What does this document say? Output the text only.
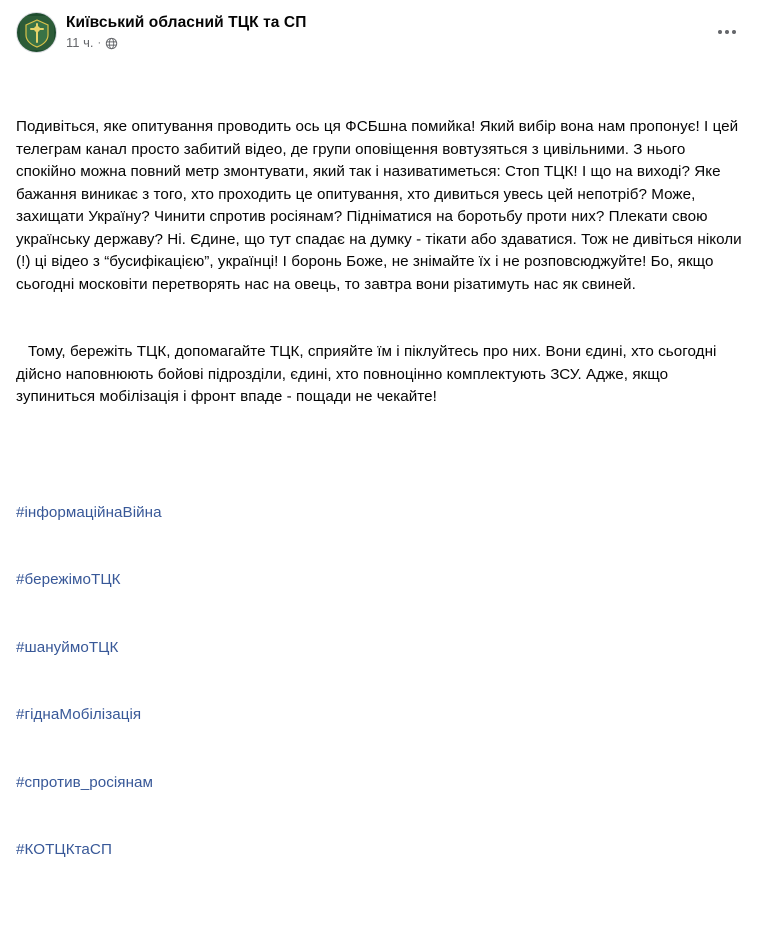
Київський обласний ТЦК та СП
11 ч. ·

Подивіться, яке опитування проводить ось ця ФСБшна помийка! Який вибір вона нам пропонує! І цей телеграм канал просто забитий відео, де групи оповіщення вовтузяться з цивільними. З нього спокійно можна повний метр змонтувати, який так і називатиметься: Стоп ТЦК! І що на виході? Яке бажання виникає з того, хто проходить це опитування, хто дивиться увесь цей непотріб? Може, захищати Україну? Чинити спротив росіянам? Підніматися на боротьбу проти них? Плекати свою українську державу? Ні. Єдине, що тут спадає на думку - тікати або здаватися. Тож не дивіться ніколи (!) ці відео з “бусифікацією”, українці! І боронь Боже, не знімайте їх і не розповсюджуйте! Бо, якщо сьогодні московіти перетворять нас на овець, то завтра вони різатимуть нас як свиней.

Тому, бережіть ТЦК, допомагайте ТЦК, сприяйте їм і піклуйтесь про них. Вони єдині, хто сьогодні дійсно наповнюють бойові підрозділи, єдині, хто повноцінно комплектують ЗСУ. Адже, якщо зупиниться мобілізація і фронт впаде - пощади не чекайте!

#інформаційнаВійна

#бережімоТЦК

#шануймоТЦК

#гіднаМобілізація

#спротив_росіянам

#КОТЦКтаСП
